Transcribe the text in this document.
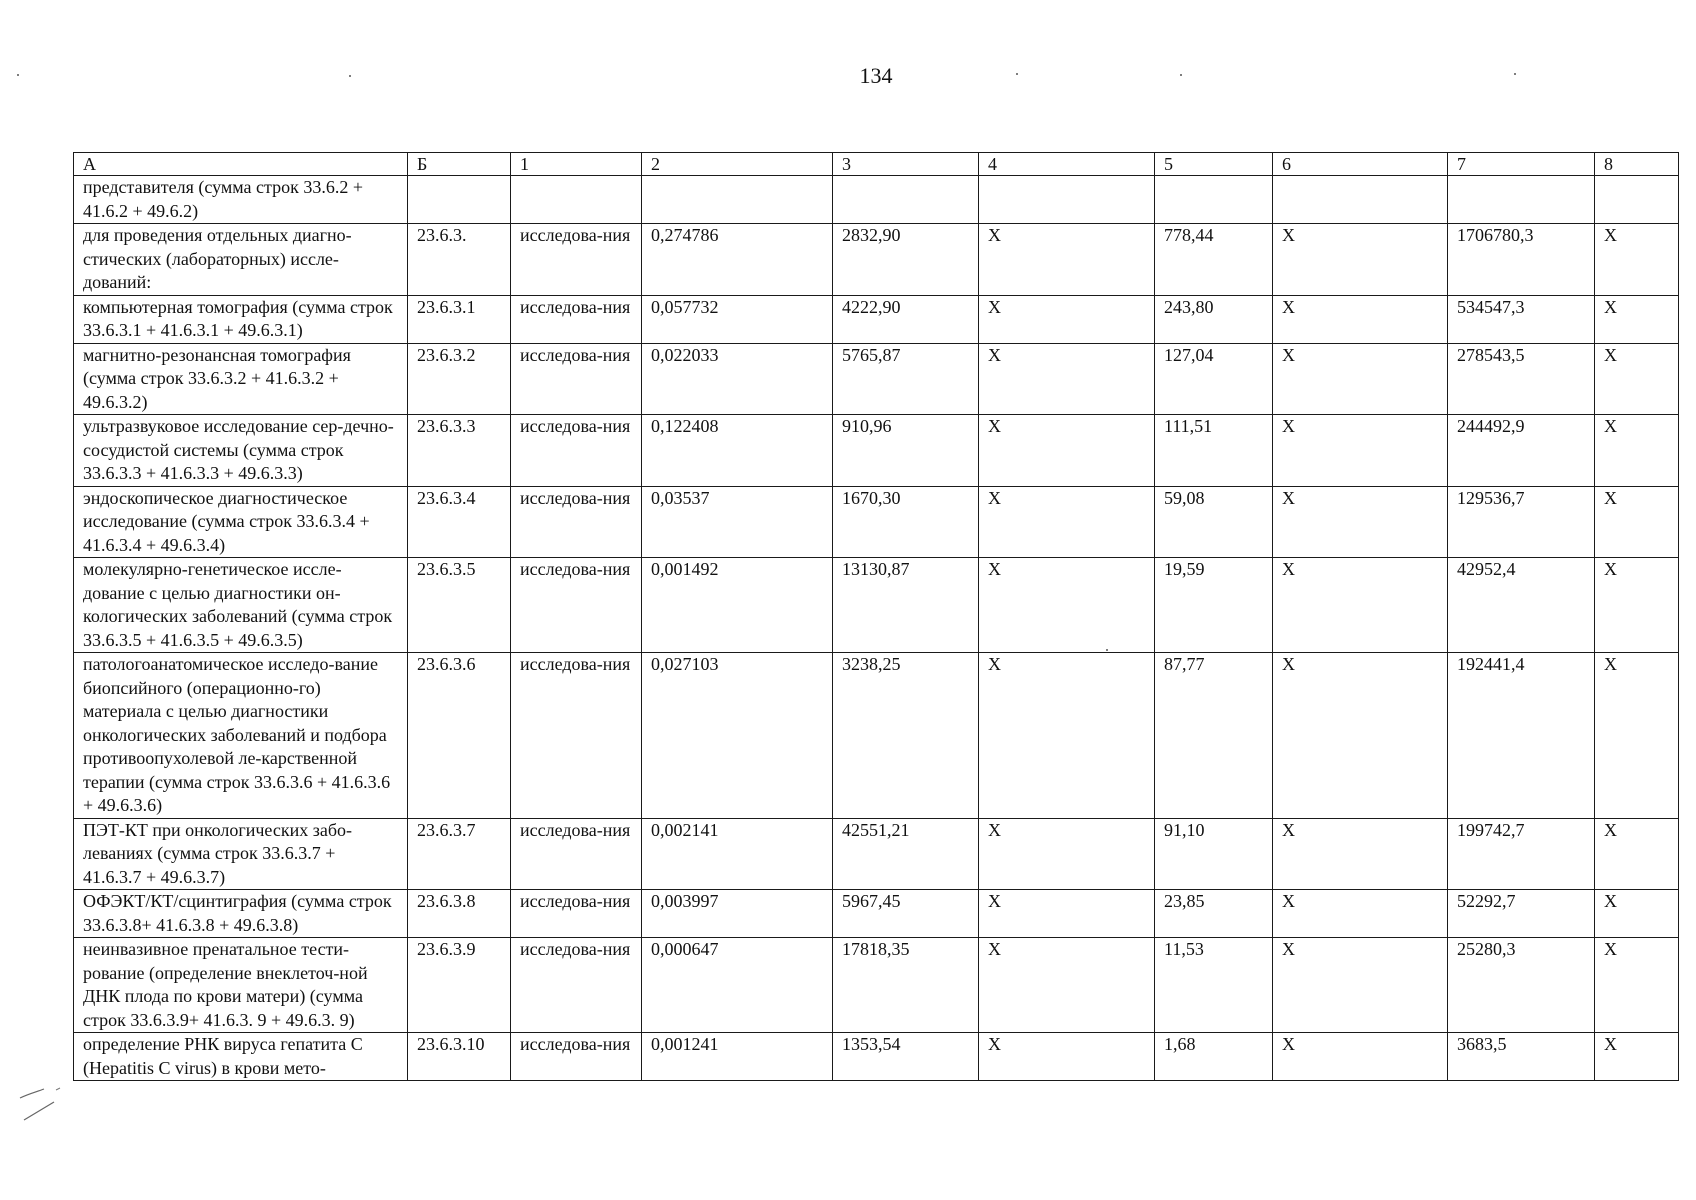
134
А	Б	1	2	3	4	5	6	7	8
представителя (сумма строк 33.6.2 + 41.6.2 + 49.6.2)									
для проведения отдельных диагно-стических (лабораторных) иссле-дований:	23.6.3.	исследова-ния	0,274786	2832,90	X	778,44	X	1706780,3	X
компьютерная томография (сумма строк 33.6.3.1 + 41.6.3.1 + 49.6.3.1)	23.6.3.1	исследова-ния	0,057732	4222,90	X	243,80	X	534547,3	X
магнитно-резонансная томография (сумма строк 33.6.3.2 + 41.6.3.2 + 49.6.3.2)	23.6.3.2	исследова-ния	0,022033	5765,87	X	127,04	X	278543,5	X
ультразвуковое исследование сер-дечно-сосудистой системы (сумма строк 33.6.3.3 + 41.6.3.3 + 49.6.3.3)	23.6.3.3	исследова-ния	0,122408	910,96	X	111,51	X	244492,9	X
эндоскопическое диагностическое исследование (сумма строк 33.6.3.4 + 41.6.3.4 + 49.6.3.4)	23.6.3.4	исследова-ния	0,03537	1670,30	X	59,08	X	129536,7	X
молекулярно-генетическое иссле-дование с целью диагностики он-кологических заболеваний (сумма строк 33.6.3.5 + 41.6.3.5 + 49.6.3.5)	23.6.3.5	исследова-ния	0,001492	13130,87	X	19,59	X	42952,4	X
патологоанатомическое исследо-вание биопсийного (операционно-го) материала с целью диагностики онкологических заболеваний и подбора противоопухолевой ле-карственной терапии (сумма строк 33.6.3.6 + 41.6.3.6 + 49.6.3.6)	23.6.3.6	исследова-ния	0,027103	3238,25	X	87,77	X	192441,4	X
ПЭТ-КТ при онкологических забо-леваниях (сумма строк 33.6.3.7 + 41.6.3.7 + 49.6.3.7)	23.6.3.7	исследова-ния	0,002141	42551,21	X	91,10	X	199742,7	X
ОФЭКТ/КТ/сцинтиграфия (сумма строк 33.6.3.8+ 41.6.3.8 + 49.6.3.8)	23.6.3.8	исследова-ния	0,003997	5967,45	X	23,85	X	52292,7	X
неинвазивное пренатальное тести-рование (определение внеклеточ-ной ДНК плода по крови матери) (сумма строк 33.6.3.9+ 41.6.3. 9 + 49.6.3. 9)	23.6.3.9	исследова-ния	0,000647	17818,35	X	11,53	X	25280,3	X
определение РНК вируса гепатита C (Hepatitis C virus) в крови мето-	23.6.3.10	исследова-ния	0,001241	1353,54	X	1,68	X	3683,5	X
